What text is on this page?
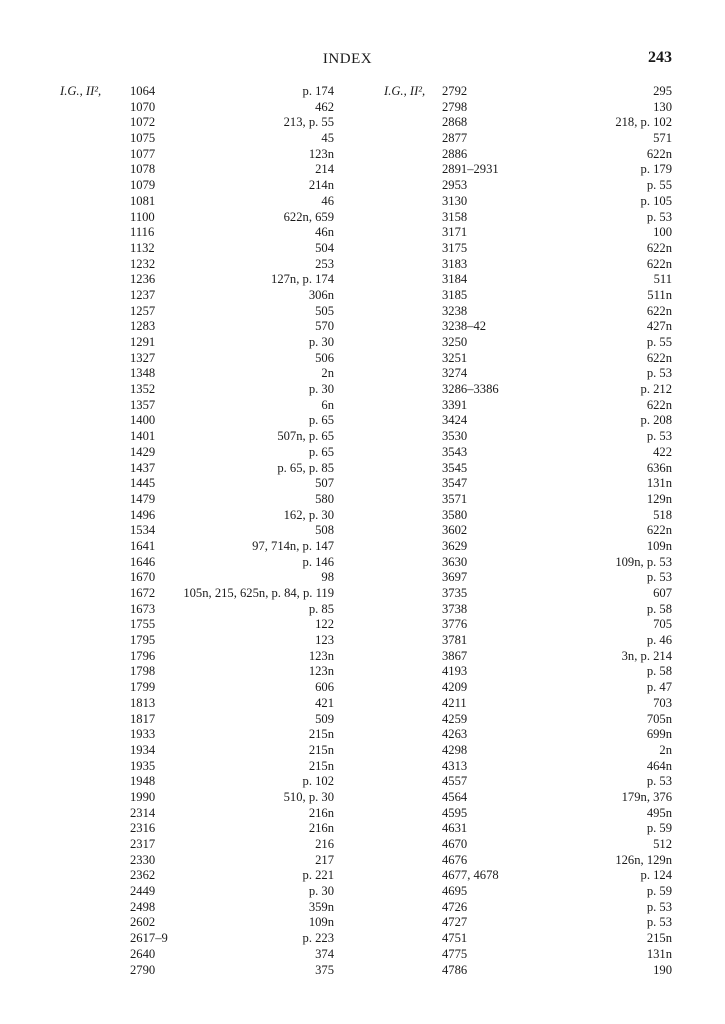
INDEX	243
I.G., II², 1064	p. 174
1070	462
1072	213, p. 55
1075	45
1077	123n
1078	214
1079	214n
1081	46
1100	622n, 659
1116	46n
1132	504
1232	253
1236	127n, p. 174
1237	306n
1257	505
1283	570
1291	p. 30
1327	506
1348	2n
1352	p. 30
1357	6n
1400	p. 65
1401	507n, p. 65
1429	p. 65
1437	p. 65, p. 85
1445	507
1479	580
1496	162, p. 30
1534	508
1641	97, 714n, p. 147
1646	p. 146
1670	98
1672 105n, 215, 625n, p. 84, p. 119
1673	p. 85
1755	122
1795	123
1796	123n
1798	123n
1799	606
1813	421
1817	509
1933	215n
1934	215n
1935	215n
1948	p. 102
1990	510, p. 30
2314	216n
2316	216n
2317	216
2330	217
2362	p. 221
2449	p. 30
2498	359n
2602	109n
2617–9	p. 223
2640	374
2790	375
I.G., II², 2792	295
2798	130
2868	218, p. 102
2877	571
2886	622n
2891–2931	p. 179
2953	p. 55
3130	p. 105
3158	p. 53
3171	100
3175	622n
3183	622n
3184	511
3185	511n
3238	622n
3238–42	427n
3250	p. 55
3251	622n
3274	p. 53
3286–3386	p. 212
3391	622n
3424	p. 208
3530	p. 53
3543	422
3545	636n
3547	131n
3571	129n
3580	518
3602	622n
3629	109n
3630	109n, p. 53
3697	p. 53
3735	607
3738	p. 58
3776	705
3781	p. 46
3867	3n, p. 214
4193	p. 58
4209	p. 47
4211	703
4259	705n
4263	699n
4298	2n
4313	464n
4557	p. 53
4564	179n, 376
4595	495n
4631	p. 59
4670	512
4676	126n, 129n
4677, 4678	p. 124
4695	p. 59
4726	p. 53
4727	p. 53
4751	215n
4775	131n
4786	190
